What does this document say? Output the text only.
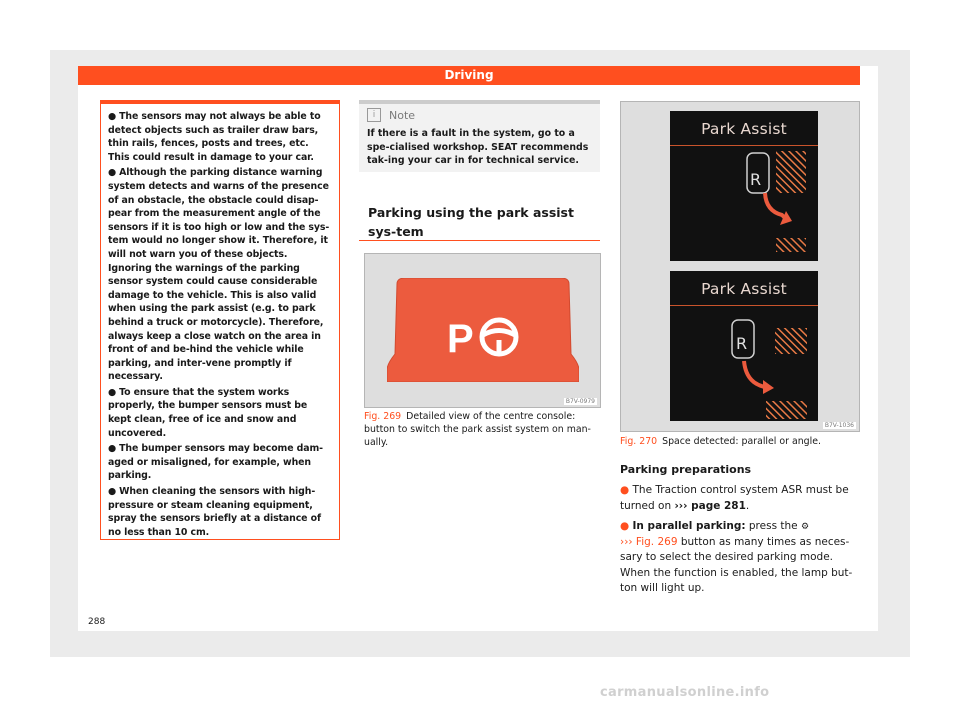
Driving
● The sensors may not always be able to detect objects such as trailer draw bars, thin rails, fences, posts and trees, etc. This could result in damage to your car.
● Although the parking distance warning system detects and warns of the presence of an obstacle, the obstacle could disap-pear from the measurement angle of the sensors if it is too high or low and the sys-tem would no longer show it. Therefore, it will not warn you of these objects. Ignoring the warnings of the parking sensor system could cause considerable damage to the vehicle. This is also valid when using the park assist (e.g. to park behind a truck or motorcycle). Therefore, always keep a close watch on the area in front of and be-hind the vehicle while parking, and inter-vene promptly if necessary.
● To ensure that the system works properly, the bumper sensors must be kept clean, free of ice and snow and uncovered.
● The bumper sensors may become dam-aged or misaligned, for example, when parking.
● When cleaning the sensors with high-pressure or steam cleaning equipment, spray the sensors briefly at a distance of no less than 10 cm.
i	Note
If there is a fault in the system, go to a spe-cialised workshop. SEAT recommends tak-ing your car in for technical service.
Parking using the park assist sys-tem
P
B7V-0979
Fig. 269 Detailed view of the centre console: button to switch the park assist system on man-ually.
Park Assist
R
Park Assist
R
B7V-1036
Fig. 270 Space detected: parallel or angle.
Parking preparations

● The Traction control system ASR must be turned on ››› page 281.

● In parallel parking: press the ⚙
››› Fig. 269 button as many times as neces-sary to select the desired parking mode. When the function is enabled, the lamp but-ton will light up.

288
carmanualsonline.info
